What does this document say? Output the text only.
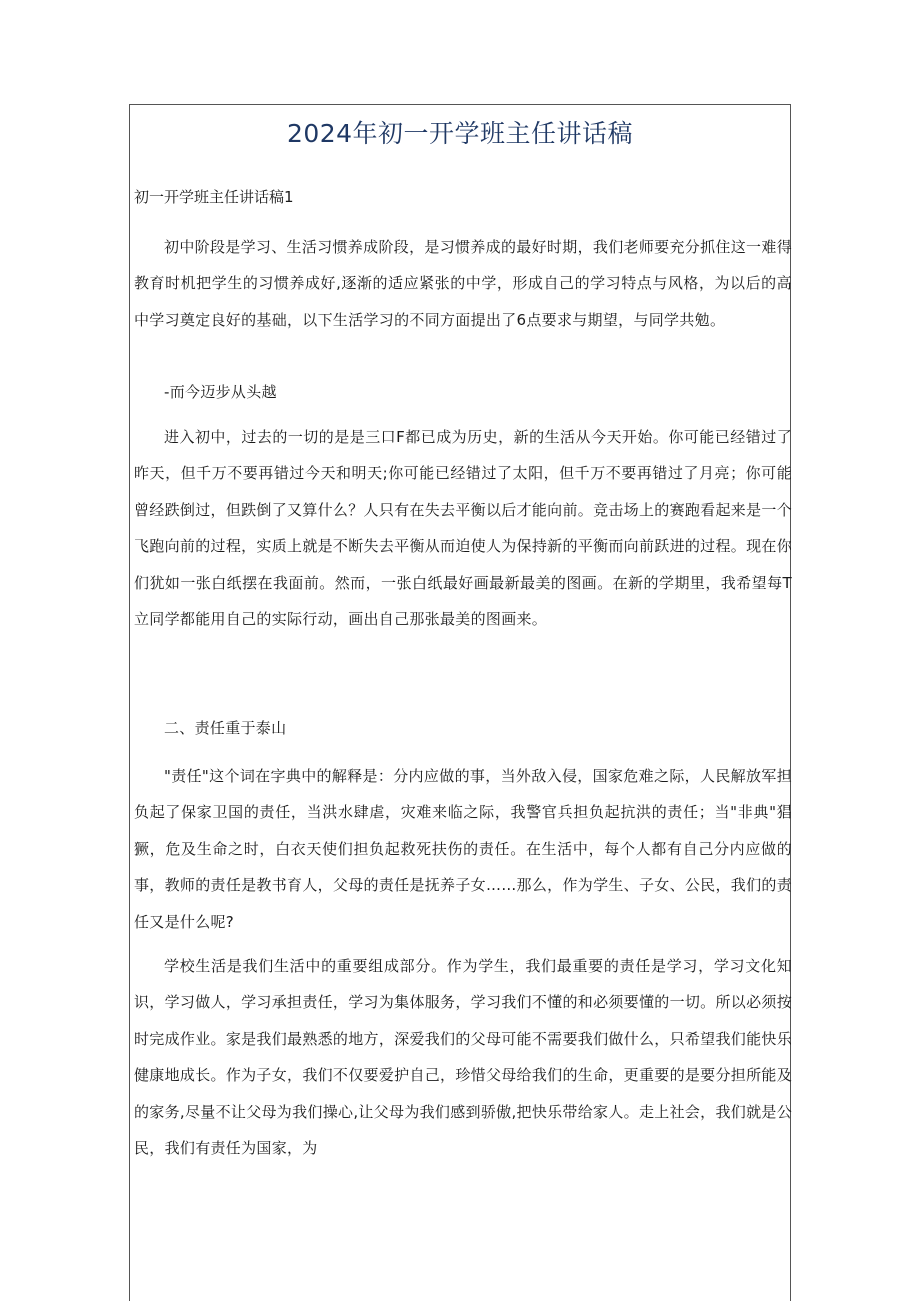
2024年初一开学班主任讲话稿

初一开学班主任讲话稿1

初中阶段是学习、生活习惯养成阶段，是习惯养成的最好时期，我们老师要充分抓住这一难得教育时机把学生的习惯养成好,逐渐的适应紧张的中学，形成自己的学习特点与风格，为以后的高中学习奠定良好的基础，以下生活学习的不同方面提出了6点要求与期望，与同学共勉。

-而今迈步从头越

进入初中，过去的一切的是是三口F都已成为历史，新的生活从今天开始。你可能已经错过了昨天，但千万不要再错过今天和明天;你可能已经错过了太阳，但千万不要再错过了月亮；你可能曾经跌倒过，但跌倒了又算什么？人只有在失去平衡以后才能向前。竞击场上的赛跑看起来是一个飞跑向前的过程，实质上就是不断失去平衡从而迫使人为保持新的平衡而向前跃进的过程。现在你们犹如一张白纸摆在我面前。然而，一张白纸最好画最新最美的图画。在新的学期里，我希望每T立同学都能用自己的实际行动，画出自己那张最美的图画来。

二、责任重于泰山

"责任"这个词在字典中的解释是：分内应做的事，当外敌入侵，国家危难之际，人民解放军担负起了保家卫国的责任，当洪水肆虐，灾难来临之际，我警官兵担负起抗洪的责任；当"非典"猖獗，危及生命之时，白衣天使们担负起救死扶伤的责任。在生活中，每个人都有自己分内应做的事，教师的责任是教书育人，父母的责任是抚养子女……那么，作为学生、子女、公民，我们的责任又是什么呢?

学校生活是我们生活中的重要组成部分。作为学生，我们最重要的责任是学习，学习文化知识，学习做人，学习承担责任，学习为集体服务，学习我们不懂的和必须要懂的一切。所以必须按时完成作业。家是我们最熟悉的地方，深爱我们的父母可能不需要我们做什么，只希望我们能快乐健康地成长。作为子女，我们不仅要爱护自己，珍惜父母给我们的生命，更重要的是要分担所能及的家务,尽量不让父母为我们操心,让父母为我们感到骄傲,把快乐带给家人。走上社会，我们就是公民，我们有责任为国家，为
